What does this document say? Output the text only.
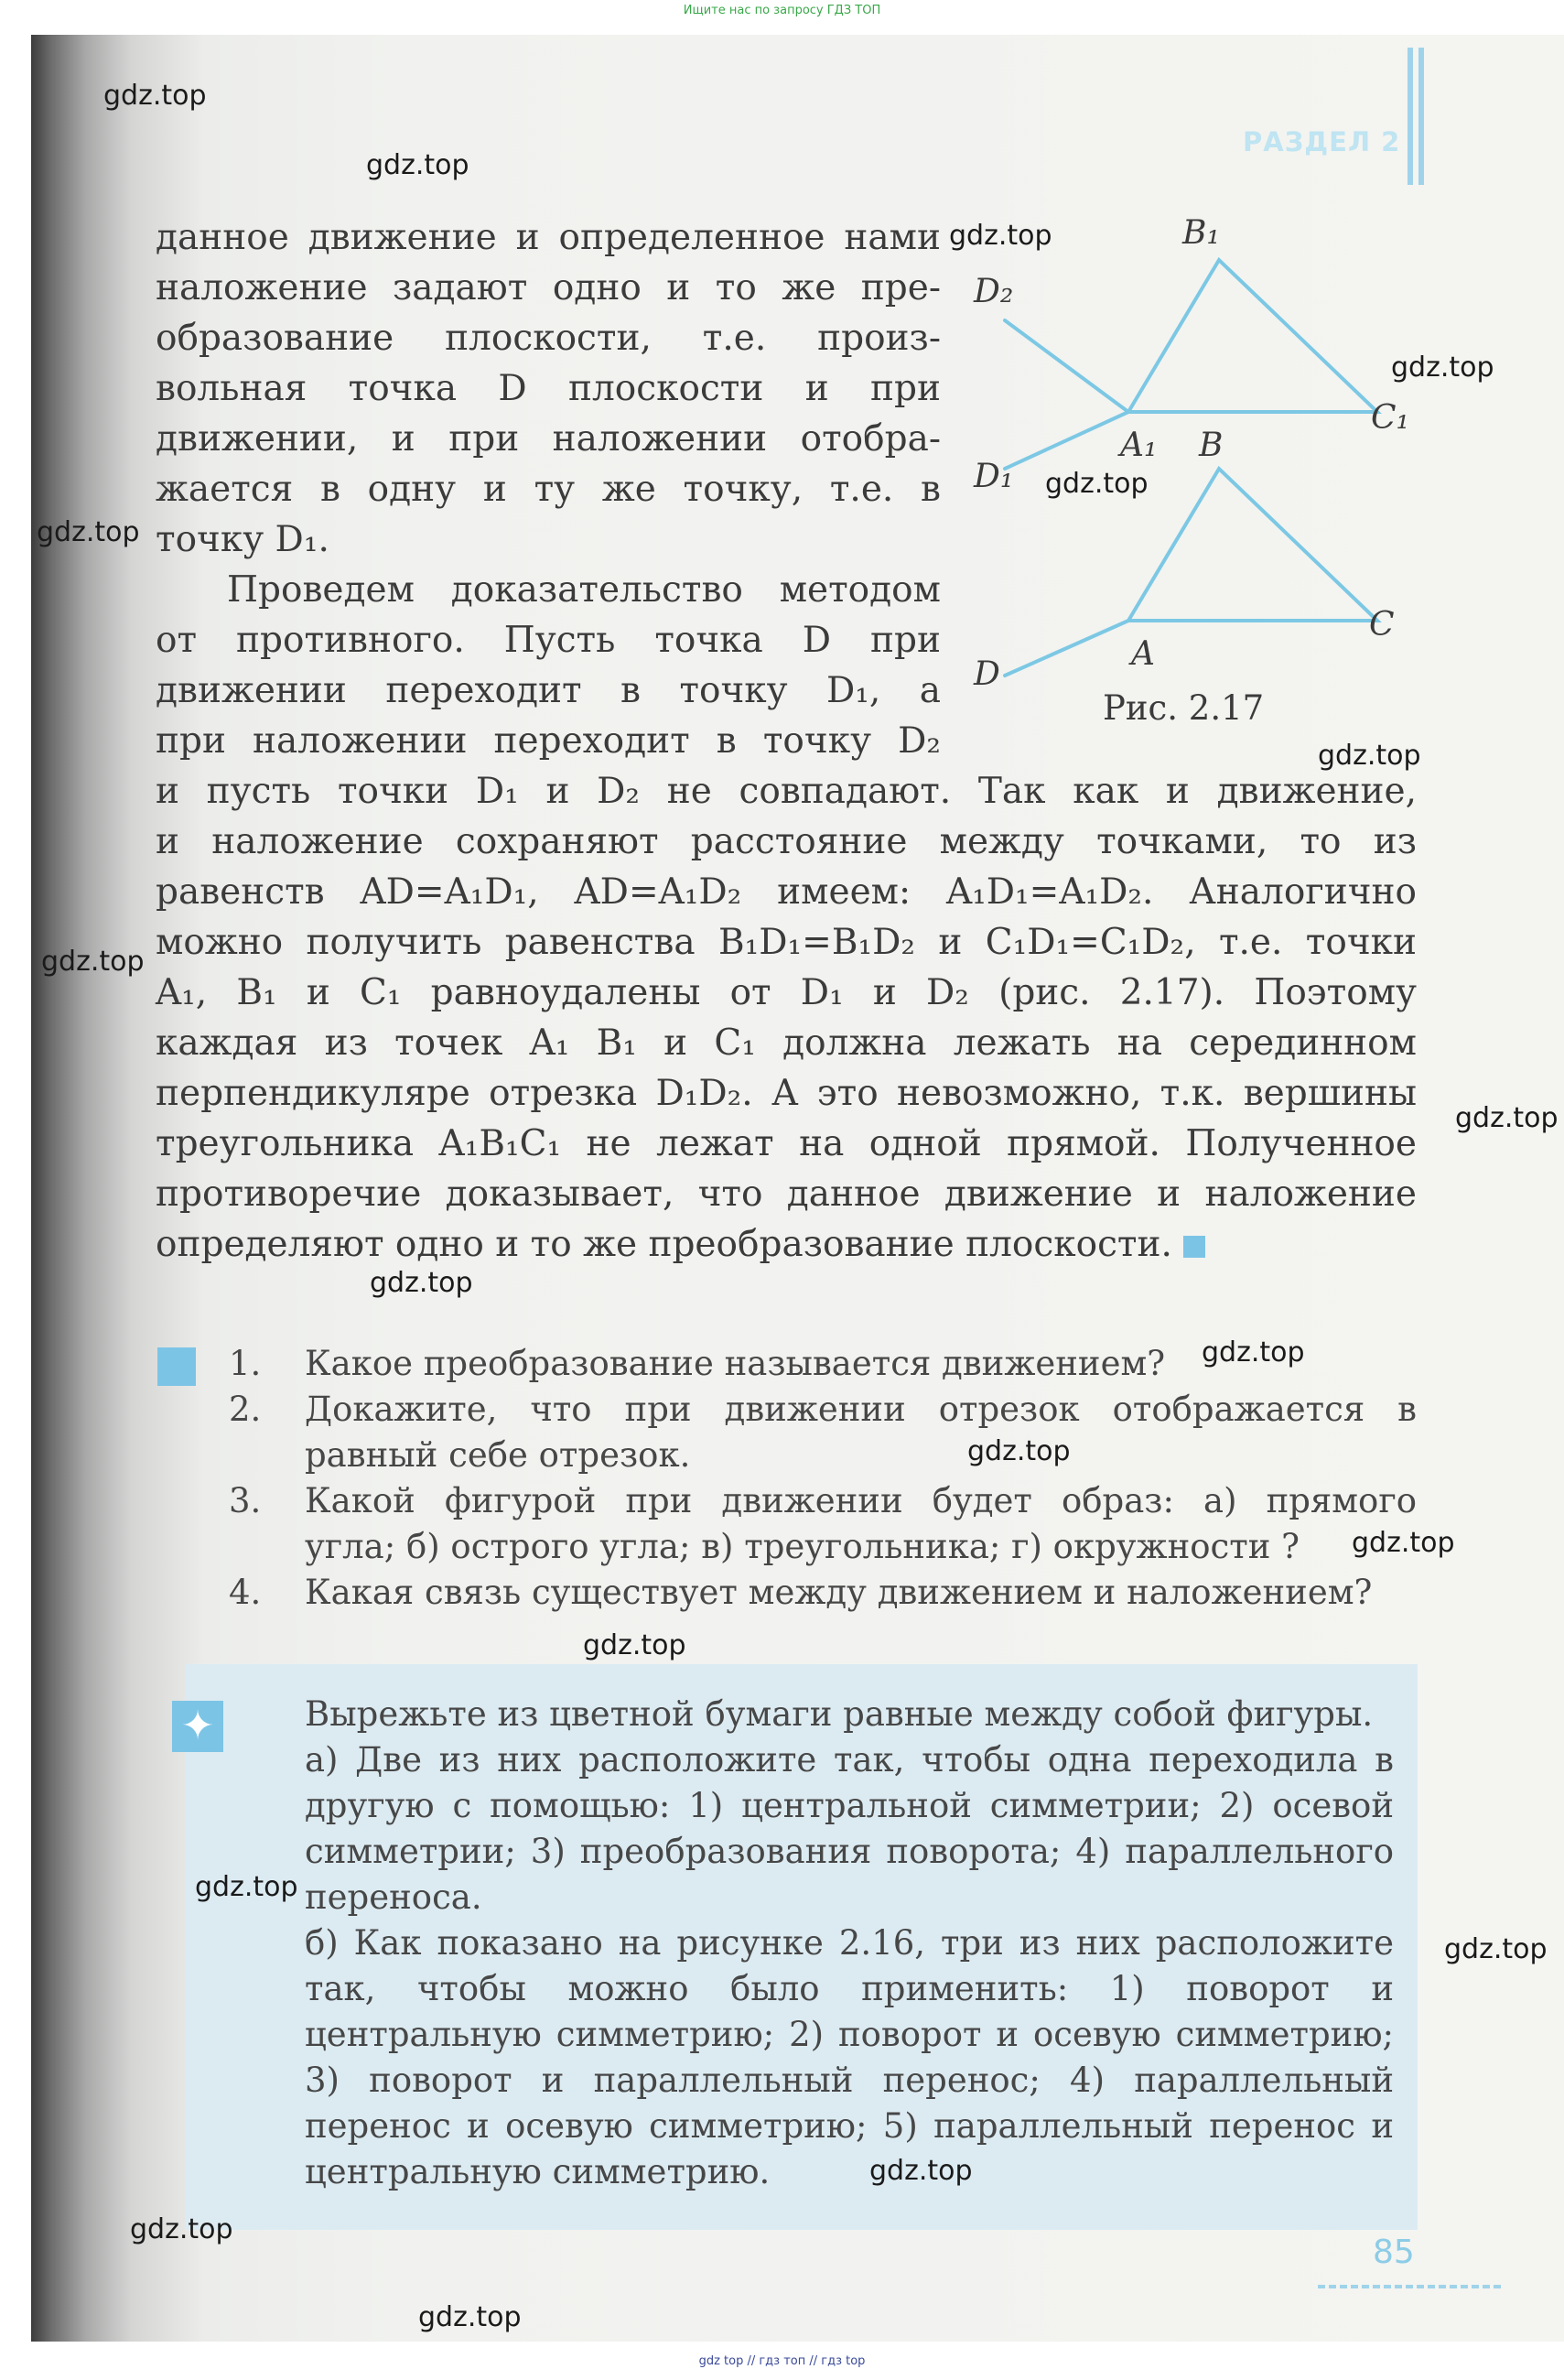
Ищите нас по запросу ГДЗ ТОП
РАЗДЕЛ 2
D₂
B₁
C₁
A₁
D₁
B
A
C
D
Рис. 2.17
данное движение и определенное нами
наложение задают одно и то же пре-
образование плоскости, т.е. произ-
вольная точка D плоскости и при
движении, и при наложении отобра-
жается в одну и ту же точку, т.е. в
точку D₁.
Проведем доказательство методом
от противного. Пусть точка D при
движении переходит в точку D₁, а
при наложении переходит в точку D₂
и пусть точки D₁ и D₂ не совпадают. Так как и движение,
и наложение сохраняют расстояние между точками, то из
равенств AD=A₁D₁, AD=A₁D₂ имеем: A₁D₁=A₁D₂. Аналогично
можно получить равенства B₁D₁=B₁D₂ и C₁D₁=C₁D₂, т.е. точки
A₁, B₁ и C₁ равноудалены от D₁ и D₂ (рис. 2.17). Поэтому
каждая из точек A₁ B₁ и C₁ должна лежать на серединном
перпендикуляре отрезка D₁D₂. А это невозможно, т.к. вершины
треугольника A₁B₁C₁ не лежат на одной прямой. Полученное
противоречие доказывает, что данное движение и наложение
определяют одно и то же преобразование плоскости.
1. Какое преобразование называется движением?
2. Докажите, что при движении отрезок отображается в
равный себе отрезок.
3. Какой фигурой при движении будет образ: а) прямого
угла; б) острого угла; в) треугольника; г) окружности ?
4. Какая связь существует между движением и наложением?
✦	Вырежьте из цветной бумаги равные между собой фигуры.
а) Две из них расположите так, чтобы одна переходила в
другую с помощью: 1) центральной симметрии; 2) осевой
симметрии; 3) преобразования поворота; 4) параллельного
переноса.
б) Как показано на рисунке 2.16, три из них расположите
так, чтобы можно было применить: 1) поворот и
центральную симметрию; 2) поворот и осевую симметрию;
3) поворот и параллельный перенос; 4) параллельный
перенос и осевую симметрию; 5) параллельный перенос и
центральную симметрию.
85
gdz.top
gdz.top
gdz.top
gdz.top
gdz.top
gdz.top
gdz.top
gdz.top
gdz.top
gdz.top
gdz.top
gdz.top
gdz.top
gdz.top
gdz.top
gdz.top
gdz.top
gdz.top
gdz.top
gdz top // гдз топ // гдз top
